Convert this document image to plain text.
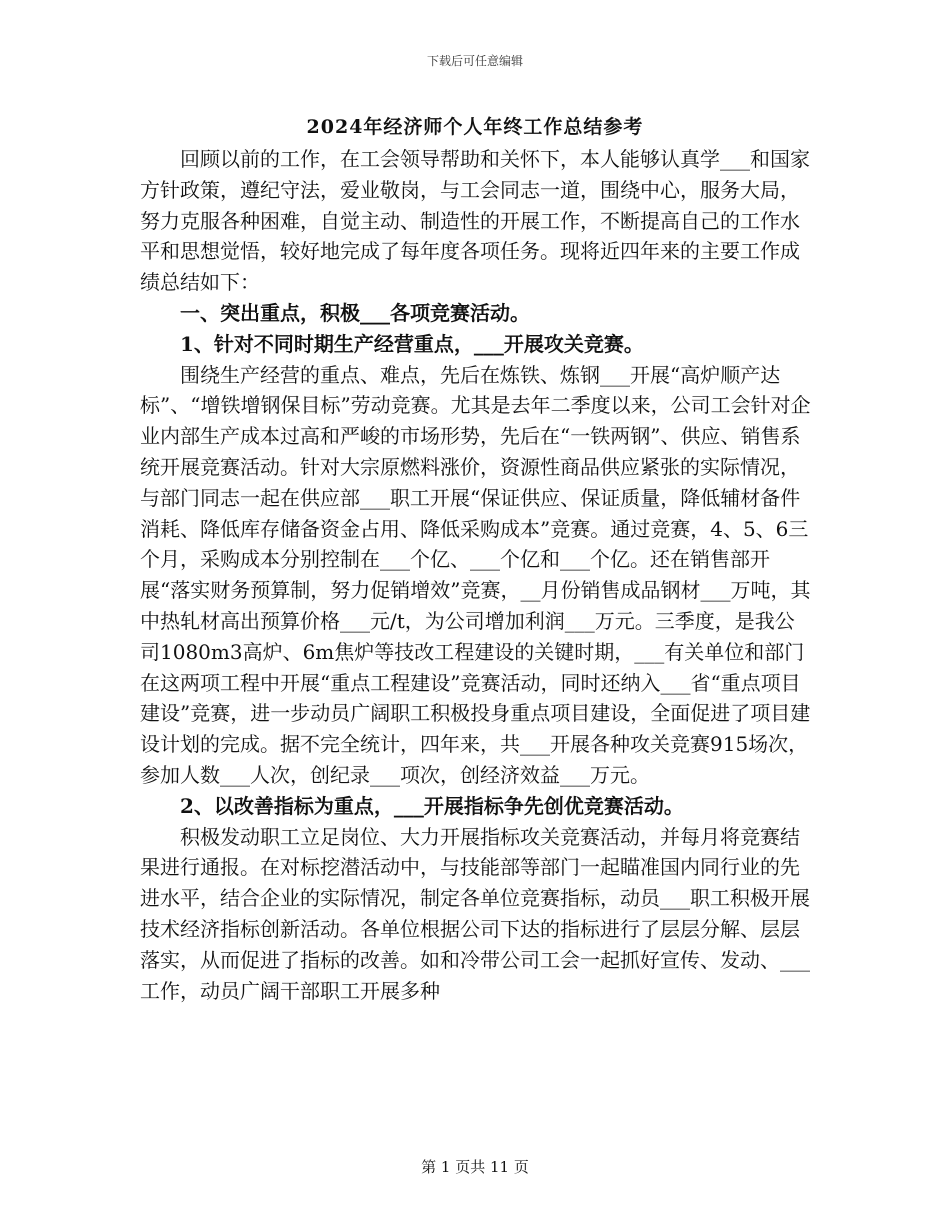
下载后可任意编辑
2024年经济师个人年终工作总结参考

回顾以前的工作，在工会领导帮助和关怀下，本人能够认真学___和国家方针政策，遵纪守法，爱业敬岗，与工会同志一道，围绕中心，服务大局，努力克服各种困难，自觉主动、制造性的开展工作，不断提高自己的工作水平和思想觉悟，较好地完成了每年度各项任务。现将近四年来的主要工作成绩总结如下：

一、突出重点，积极___各项竞赛活动。

1、针对不同时期生产经营重点，___开展攻关竞赛。

围绕生产经营的重点、难点，先后在炼铁、炼钢___开展“高炉顺产达标”、“增铁增钢保目标”劳动竞赛。尤其是去年二季度以来，公司工会针对企业内部生产成本过高和严峻的市场形势，先后在“一铁两钢”、供应、销售系统开展竞赛活动。针对大宗原燃料涨价，资源性商品供应紧张的实际情况，与部门同志一起在供应部___职工开展“保证供应、保证质量，降低辅材备件消耗、降低库存储备资金占用、降低采购成本”竞赛。通过竞赛，4、5、6三个月，采购成本分别控制在___个亿、___个亿和___个亿。还在销售部开展“落实财务预算制，努力促销增效”竞赛，__月份销售成品钢材___万吨，其中热轧材高出预算价格___元/t，为公司增加利润___万元。三季度，是我公司1080m3高炉、6m焦炉等技改工程建设的关键时期，___有关单位和部门在这两项工程中开展“重点工程建设”竞赛活动，同时还纳入___省“重点项目建设”竞赛，进一步动员广阔职工积极投身重点项目建设，全面促进了项目建设计划的完成。据不完全统计，四年来，共___开展各种攻关竞赛915场次，参加人数___人次，创纪录___项次，创经济效益___万元。

2、以改善指标为重点，___开展指标争先创优竞赛活动。

积极发动职工立足岗位、大力开展指标攻关竞赛活动，并每月将竞赛结果进行通报。在对标挖潜活动中，与技能部等部门一起瞄准国内同行业的先进水平，结合企业的实际情况，制定各单位竞赛指标，动员___职工积极开展技术经济指标创新活动。各单位根据公司下达的指标进行了层层分解、层层落实，从而促进了指标的改善。如和冷带公司工会一起抓好宣传、发动、___工作，动员广阔干部职工开展多种

第 1 页共 11 页
